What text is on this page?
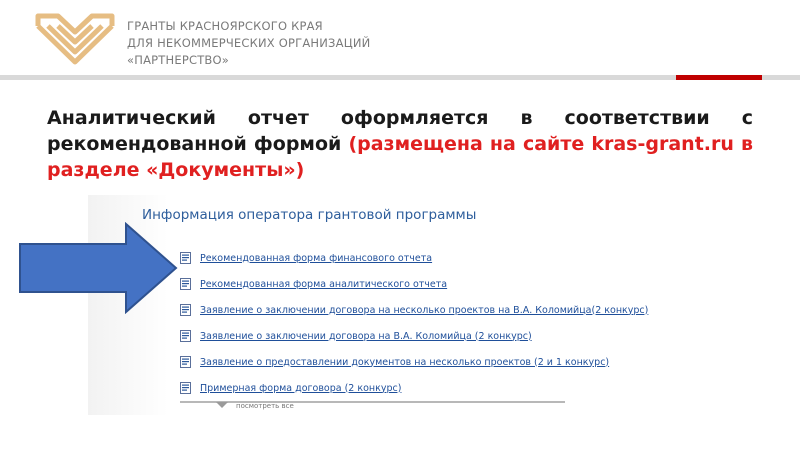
ГРАНТЫ КРАСНОЯРСКОГО КРАЯ
ДЛЯ НЕКОММЕРЧЕСКИХ ОРГАНИЗАЦИЙ
«ПАРТНЕРСТВО»
Аналитический отчет оформляется в соответствии с рекомендованной формой (размещена на сайте kras-grant.ru в разделе «Документы»)
Информация оператора грантовой программы
Рекомендованная форма финансового отчета
Рекомендованная форма аналитического отчета
Заявление о заключении договора на несколько проектов на В.А. Коломийца(2 конкурс)
Заявление о заключении договора на В.А. Коломийца (2 конкурс)
Заявление о предоставлении документов на несколько проектов (2 и 1 конкурс)
Примерная форма договора (2 конкурс)
посмотреть все
